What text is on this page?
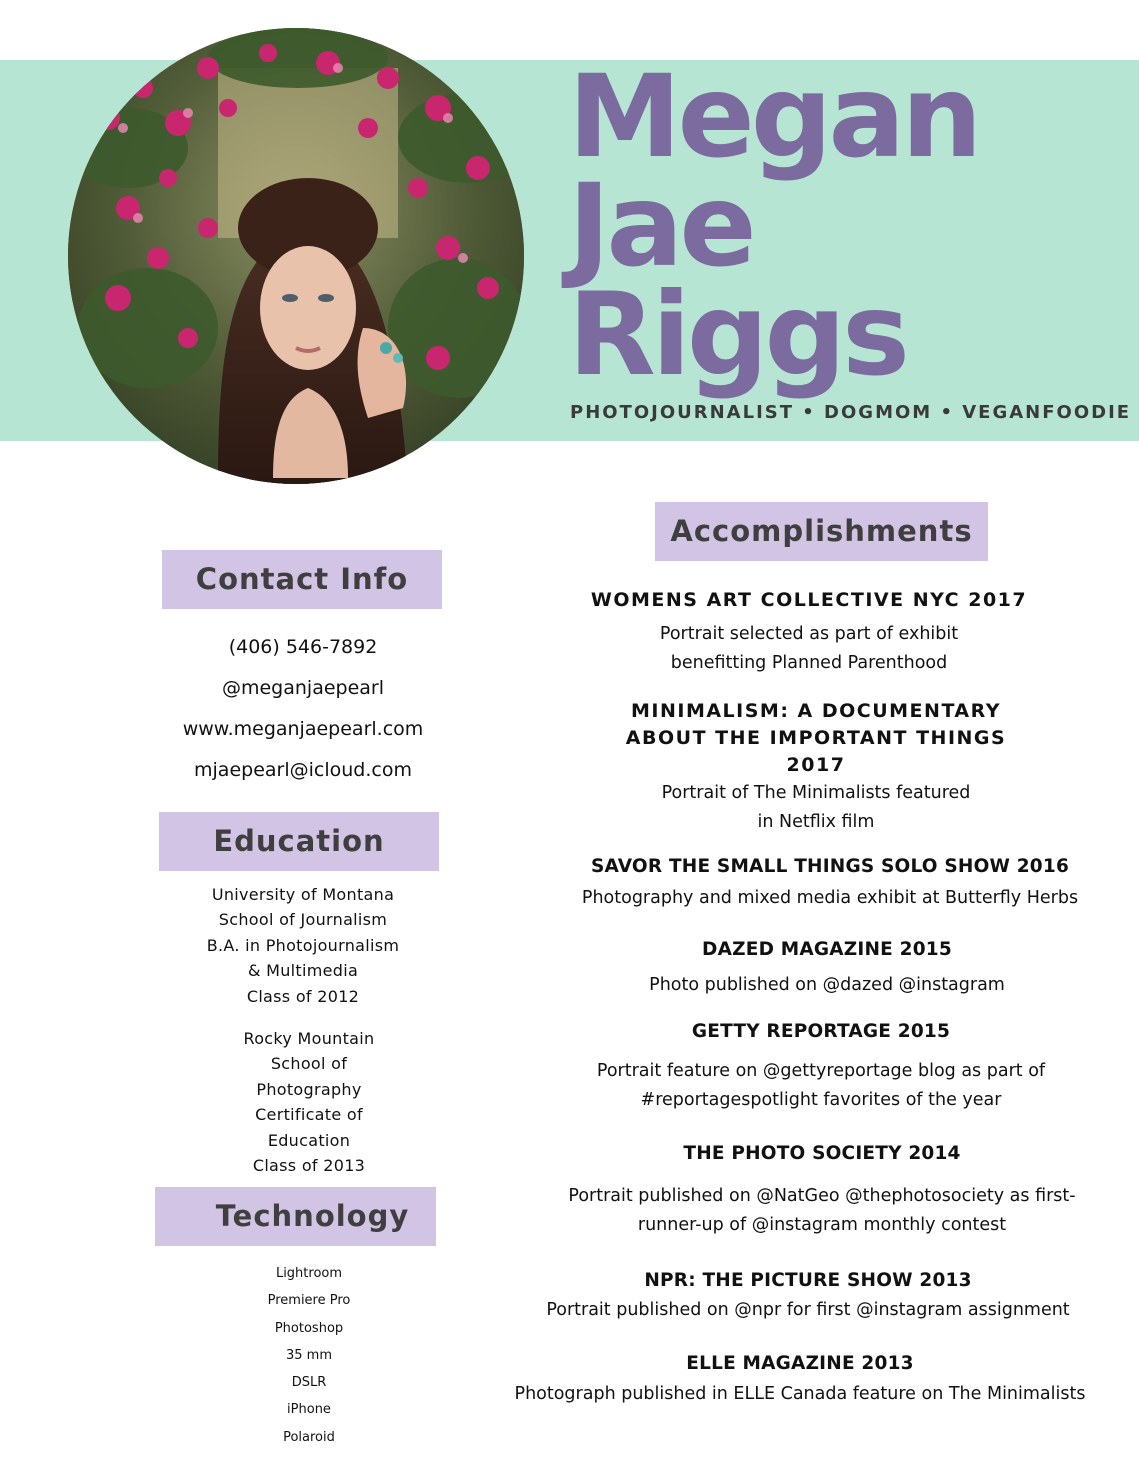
Megan
Jae
Riggs
PHOTOJOURNALIST • DOGMOM • VEGANFOODIE
Contact Info
(406) 546-7892
@meganjaepearl
www.meganjaepearl.com
mjaepearl@icloud.com
Education
University of Montana
School of Journalism
B.A. in Photojournalism
& Multimedia
Class of 2012
Rocky Mountain
School of
Photography
Certificate of
Education
Class of 2013
Technology
Lightroom
Premiere Pro
Photoshop
35 mm
DSLR
iPhone
Polaroid
Accomplishments
WOMENS ART COLLECTIVE NYC 2017
Portrait selected as part of exhibit
benefitting Planned Parenthood
MINIMALISM: A DOCUMENTARY
ABOUT THE IMPORTANT THINGS
2017
Portrait of The Minimalists featured
in Netflix film
SAVOR THE SMALL THINGS SOLO SHOW 2016
Photography and mixed media exhibit at Butterfly Herbs
DAZED MAGAZINE 2015
Photo published on @dazed @instagram
GETTY REPORTAGE 2015
Portrait feature on @gettyreportage blog as part of
#reportagespotlight favorites of the year
THE PHOTO SOCIETY 2014
Portrait published on @NatGeo @thephotosociety as first-
runner-up of @instagram monthly contest
NPR: THE PICTURE SHOW 2013
Portrait published on @npr for first @instagram assignment
ELLE MAGAZINE 2013
Photograph published in ELLE Canada feature on The Minimalists
